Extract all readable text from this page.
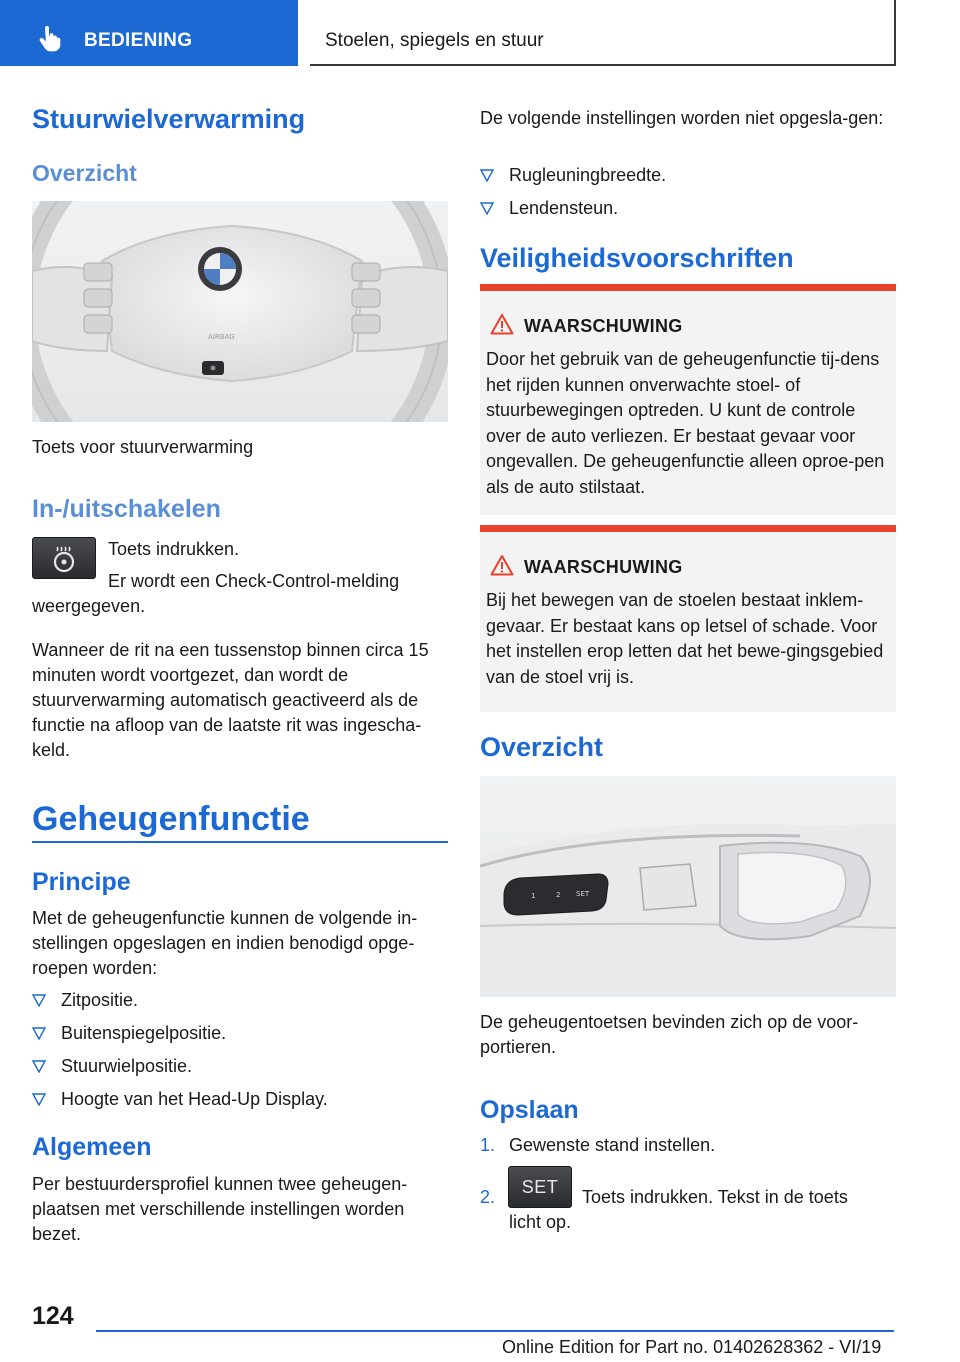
BEDIENING	Stoelen, spiegels en stuur
Stuurwielverwarming
Overzicht
AIRBAG

Toets voor stuurverwarming

In-/uitschakelen

Toets indrukken.

Er wordt een Check-Control-melding

weergegeven.

Wanneer de rit na een tussenstop binnen circa 15 minuten wordt voortgezet, dan wordt de stuurverwarming automatisch geactiveerd als de functie na afloop van de laatste rit was ingescha-keld.

Geheugenfunctie
Principe

Met de geheugenfunctie kunnen de volgende in-stellingen opgeslagen en indien benodigd opge-roepen worden:

Zitpositie.
Buitenspiegelpositie.
Stuurwielpositie.
Hoogte van het Head-Up Display.
Algemeen

Per bestuurdersprofiel kunnen twee geheugen-plaatsen met verschillende instellingen worden bezet.

De volgende instellingen worden niet opgesla-gen:

Rugleuningbreedte.
Lendensteun.
Veiligheidsvoorschriften
WAARSCHUWING

Door het gebruik van de geheugenfunctie tij-dens het rijden kunnen onverwachte stoel- of stuurbewegingen optreden. U kunt de controle over de auto verliezen. Er bestaat gevaar voor ongevallen. De geheugenfunctie alleen oproe-pen als de auto stilstaat.

WAARSCHUWING

Bij het bewegen van de stoelen bestaat inklem-gevaar. Er bestaat kans op letsel of schade. Voor het instellen erop letten dat het bewe-gingsgebied van de stoel vrij is.

Overzicht
1	2 SET

De geheugentoetsen bevinden zich op de voor-portieren.

Opslaan

1. Gewenste stand instellen.

2.

SET

Toets indrukken. Tekst in de toets

licht op.

124
Online Edition for Part no. 01402628362 - VI/19
